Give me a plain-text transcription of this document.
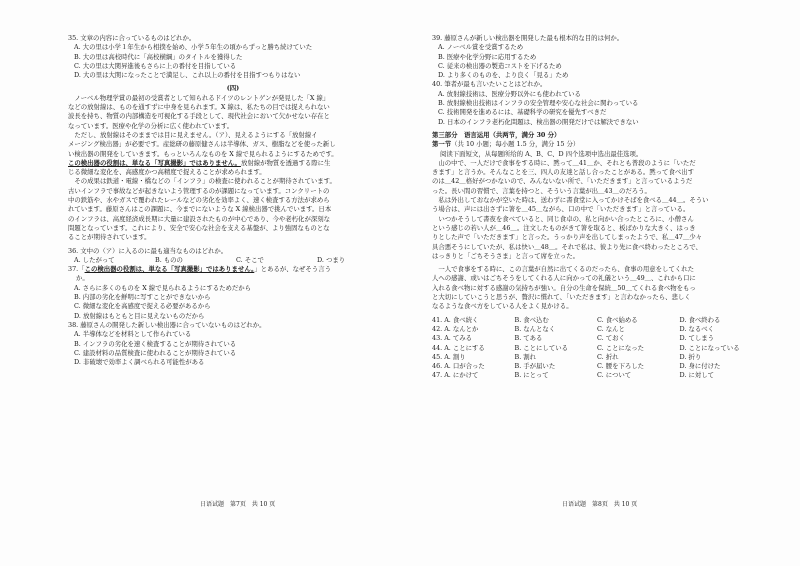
35. 文章の内容に合っているものはどれか。
A. 大の里は小学１年生から相撲を始め、小学５年生の頃からずっと勝ち続けていた
B. 大の里は高校時代に「高校横綱」のタイトルを獲得した
C. 大の里は大関昇進後もさらに上の番付を目指している
D. 大の里は大関になったことで満足し、これ以上の番付を目指すつもりはない
(四)
　ノーベル物理学賞の最初の受賞者として知られるドイツのレントゲンが発見した「X 線」
などの放射線は、ものを通すずに中身を見られます。X 線は、私たちの目では捉えられない
波長を持ち、物質の内部構造を可視化する手段として、現代社会において欠かせない存在と
なっています。医療や化学の分析に広く使われています。
　ただし、放射線はそのままでは目に見えません。（ア）、見えるようにする「放射線イ
メージング検出器」が必要です。産総研の藤原健さんは半導体、ガス、樹脂などを使った新し
い検出器の開発をしていきます。もっといろんなものを X 線で見られるようにするためです。
この検出器の役割は、単なる「写真撮影」ではありません。放射線が物質を透過する際に生
じる微細な変化を、高感度かつ高精度で捉えることが求められます。
　その成果は鉄道・電線・橋などの「インフラ」の検査に使われることが期待されています。
古いインフラで事故などが起きないよう管理するのが課題になっています。コンクリートの
中の鉄筋や、水やガスで覆われたレールなどの劣化を効率よく、速く検査する方法が求めら
れています。藤原さんはこの課題に、今までにないような X 線検出器で挑んでいます。日本
のインフラは、高度経済成長期に大量に建設されたものが中心であり、今や老朽化が深刻な
問題となっています。これにより、安全で安心な社会を支える基盤が、より強固なものとな
ることが期待されています。
36. 文中の（ア）に入るのに最も適当なものはどれか。
A. したがって	B. ものの	C. そこで	D. つまり
37.「この検出器の役割は、単なる「写真撮影」ではありません。」とあるが、なぜそう言う
か。
A. さらに多くのものを X 線で見られるようにするためだから
B. 内部の劣化を鮮明に写すことができないから
C. 微細な変化を高感度で捉える必要があるから
D. 放射線はもともと目に見えないものだから
38. 藤原さんの開発した新しい検出器に合っていないものはどれか。
A. 半導体などを材料として作られている
B. インフラの劣化を速く検査することが期待されている
C. 建設材料の品質検査に使われることが期待されている
D. 非破壊で効率よく調べられる可能性がある
39. 藤原さんが新しい検出器を開発した最も根本的な目的は何か。
A. ノーベル賞を受賞するため
B. 医療や化学分野に応用するため
C. 従来の検出器の製造コストを下げるため
D. より多くのものを、より良く「見る」ため
40. 筆者が最も言いたいことはどれか。
A. 放射線技術は、医療分野以外にも使われている
B. 放射線検出技術はインフラの安全管理や安心な社会に関わっている
C. 技術開発を進めるには、基礎科学の研究を優先すべきだ
D. 日本のインフラ老朽化問題は、検出器の開発だけでは解決できない
第三部分　语言运用（共两节，满分 30 分）
第一节（共 10 小题；每小题 1.5 分，满分 15 分）
阅读下面短文，从每题所给的 A、B、C、D 四个选项中选出最佳选项。
　山の中で、一人だけで食事をする時に、黙って＿41＿か、それとも普段のように「いただ
きます」と言うか。そんなことを三、四人の友達と話し合ったことがある。黙って食べ出す
のは＿42＿格好がつかないので、みんないない所で、「いただきます」と言っているようだ
った。長い間の習慣で、言葉を持つと、そういう言葉が出＿43＿のだろう。
　私は外出しておなかが空いた時は、送わずに書食堂に入ってかけそばを食べる＿44＿。そうい
う場合は、声には出さずに箸を＿45＿ながら、口の中で「いただきます」と言っている。
　いつかそうして書夜を食べていると、同じ食卓の、私と向かい合ったところに、小僧さん
という感じの若い人が＿46＿。注文したものがきて箸を取ると、板ばかりな大きく、はっき
りとした声で「いただきます」と言った。うっかり声を出してしまったようで、私＿47＿少々
具合悪そうにしていたが、私は快い＿48＿。それで私は、彼より先に食べ終わったところで、
はっきりと「ごちそうさま」と言って席を立った。
　一人で食事をする時に、この言葉が自然に出てくるのだったら、食事の用意をしてくれた
人への感謝、或いはごちそうをしてくれる人に向かっての礼儀という＿49＿、これから口に
入れる食べ物に対する感謝の気持ちが強い。自分の生命を保続＿50＿てくれる食べ物をもっ
と大切にしていこうと思うが、贅沢に慣れて、「いただきます」と言わなかったら、悲しく
なるような食べ方をしている人をよく見かける。
41. A. 食べ続く	B. 食べ込む	C. 食べ始める	D. 食べ終わる
42. A. なんとか	B. なんとなく	C. なんと	D. なるべく
43. A. てみる	B. てある	C. ておく	D. てしまう
44. A. ことにする	B. ことにしている	C. ことになった	D. ことになっている
45. A. 割り	B. 割れ	C. 折れ	D. 折り
46. A. 口が合った	B. 手が届いた	C. 腰を下ろした	D. 身に付けた
47. A. にかけて	B. にとって	C. について	D. に対して
日语试题　第7页　共 10 页	日语试题　第8页　共 10 页
